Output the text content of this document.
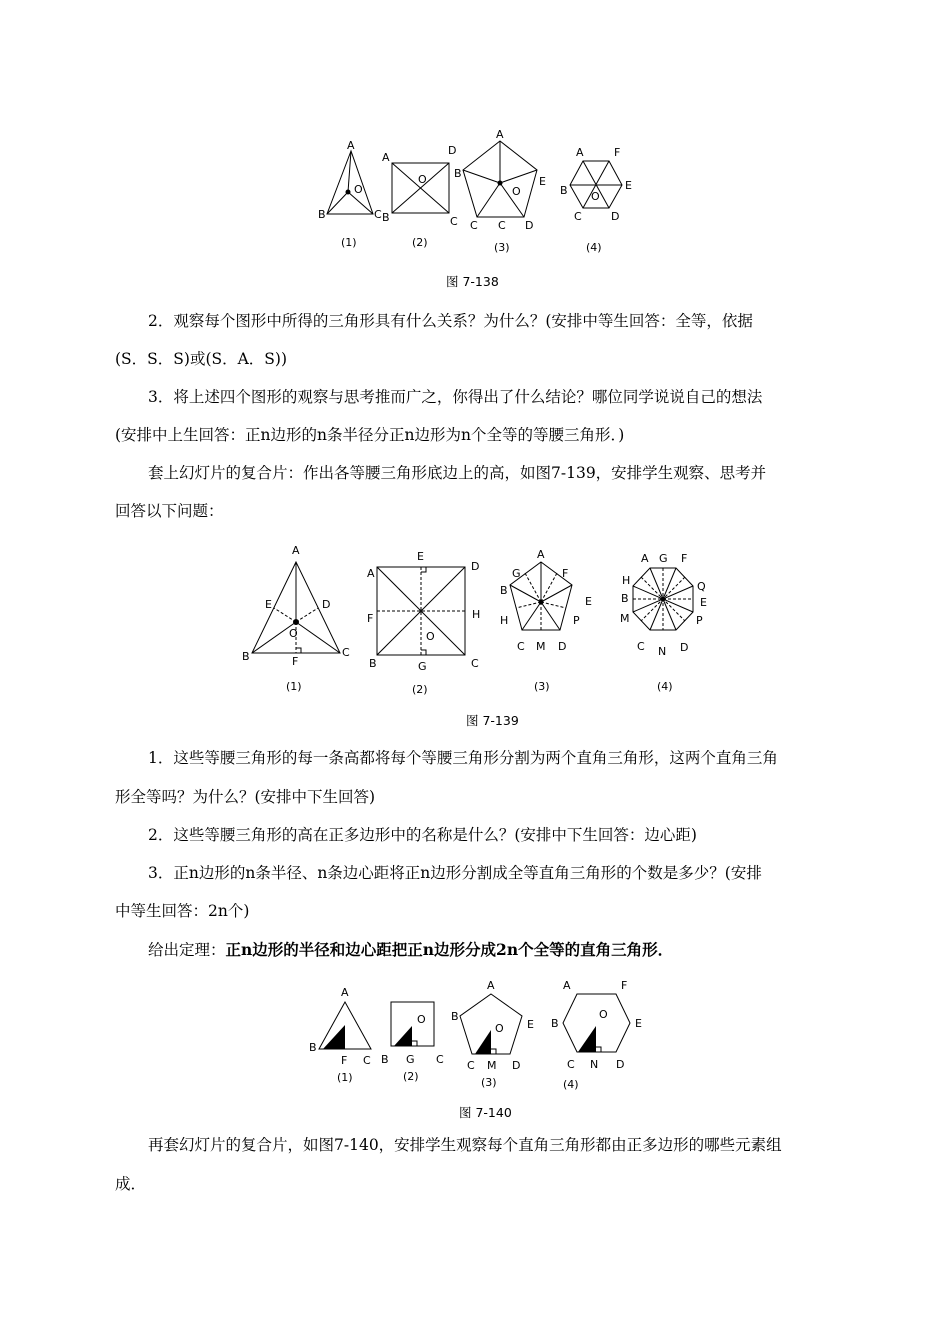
A
B	C
O
A
D
B	C
O
A
B
E
O
C C D
A	F
B	E
O
C	D
(1)	(2)	(3)	(4)
图 7-138
2．观察每个图形中所得的三角形具有什么关系？为什么？(安排中等生回答：全等，依据
(S．S．S)或(S．A．S))
3．将上述四个图形的观察与思考推而广之，你得出了什么结论？哪位同学说说自己的想法
(安排中上生回答：正n边形的n条半径分正n边形为n个全等的等腰三角形．)
套上幻灯片的复合片：作出各等腰三角形底边上的高，如图7-139，安排学生观察、思考并
回答以下问题：
A
E	D
O
B	F
C
A
E
D
F	H
O
B	G	C
A
G	F
B
E
H	P
C M D
A G F
H	Q
B	E
M	P
C N D
(1)	(2)	(3)	(4)
图 7-139
1．这些等腰三角形的每一条高都将每个等腰三角形分割为两个直角三角形，这两个直角三角
形全等吗？为什么？(安排中下生回答)
2．这些等腰三角形的高在正多边形中的名称是什么？(安排中下生回答：边心距)
3．正n边形的n条半径、n条边心距将正n边形分割成全等直角三角形的个数是多少？(安排
中等生回答：2n个)
给出定理：正n边形的半径和边心距把正n边形分成2n个全等的直角三角形．
A
B
F C
O
B G C
A
B
E
O
C M D
A	F
B	E
O
C N D
(1)	(2)	(3)	(4)
图 7-140
再套幻灯片的复合片，如图7-140，安排学生观察每个直角三角形都由正多边形的哪些元素组
成．
